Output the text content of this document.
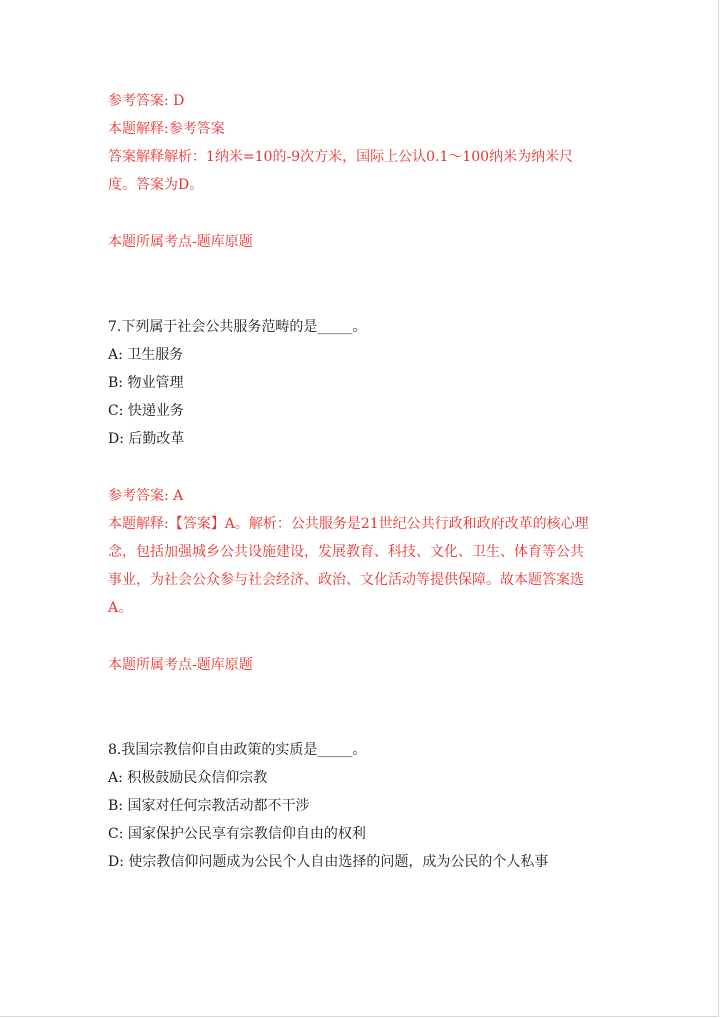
参考答案: D
本题解释:参考答案
答案解释解析：1纳米=10的-9次方米，国际上公认0.1～100纳米为纳米尺
度。答案为D。
本题所属考点-题库原题
7.下列属于社会公共服务范畴的是_____。
A: 卫生服务
B: 物业管理
C: 快递业务
D: 后勤改革
参考答案: A
本题解释:【答案】A。解析：公共服务是21世纪公共行政和政府改革的核心理
念，包括加强城乡公共设施建设，发展教育、科技、文化、卫生、体育等公共
事业，为社会公众参与社会经济、政治、文化活动等提供保障。故本题答案选
A。
本题所属考点-题库原题
8.我国宗教信仰自由政策的实质是_____。
A: 积极鼓励民众信仰宗教
B: 国家对任何宗教活动都不干涉
C: 国家保护公民享有宗教信仰自由的权利
D: 使宗教信仰问题成为公民个人自由选择的问题，成为公民的个人私事
